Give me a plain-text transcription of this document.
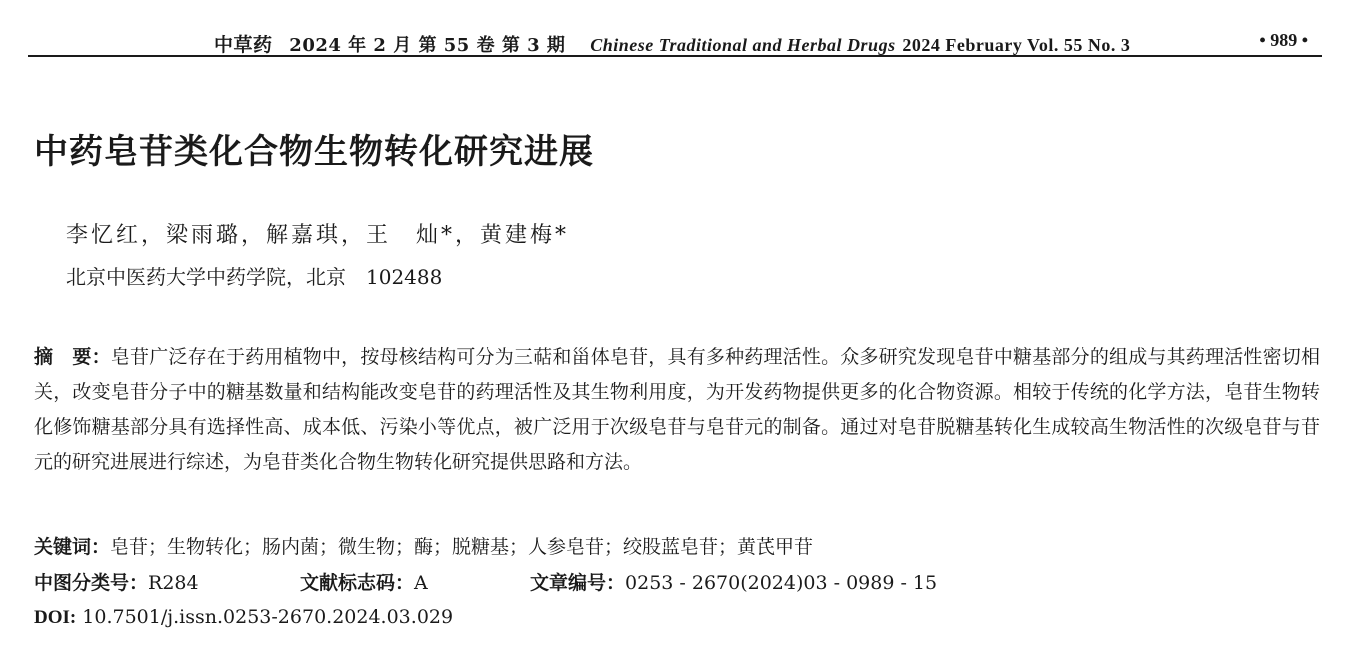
中草药 2024 年 2 月 第 55 卷 第 3 期 Chinese Traditional and Herbal Drugs 2024 February Vol. 55 No. 3	• 989 •
中药皂苷类化合物生物转化研究进展
李忆红，梁雨璐，解嘉琪，王　灿*，黄建梅*
北京中医药大学中药学院，北京　102488
摘　要：皂苷广泛存在于药用植物中，按母核结构可分为三萜和甾体皂苷，具有多种药理活性。众多研究发现皂苷中糖基部分的组成与其药理活性密切相关，改变皂苷分子中的糖基数量和结构能改变皂苷的药理活性及其生物利用度，为开发药物提供更多的化合物资源。相较于传统的化学方法，皂苷生物转化修饰糖基部分具有选择性高、成本低、污染小等优点，被广泛用于次级皂苷与皂苷元的制备。通过对皂苷脱糖基转化生成较高生物活性的次级皂苷与苷元的研究进展进行综述，为皂苷类化合物生物转化研究提供思路和方法。
关键词：皂苷；生物转化；肠内菌；微生物；酶；脱糖基；人参皂苷；绞股蓝皂苷；黄芪甲苷
中图分类号：R284	文献标志码：A	文章编号：0253 - 2670(2024)03 - 0989 - 15
DOI: 10.7501/j.issn.0253-2670.2024.03.029
